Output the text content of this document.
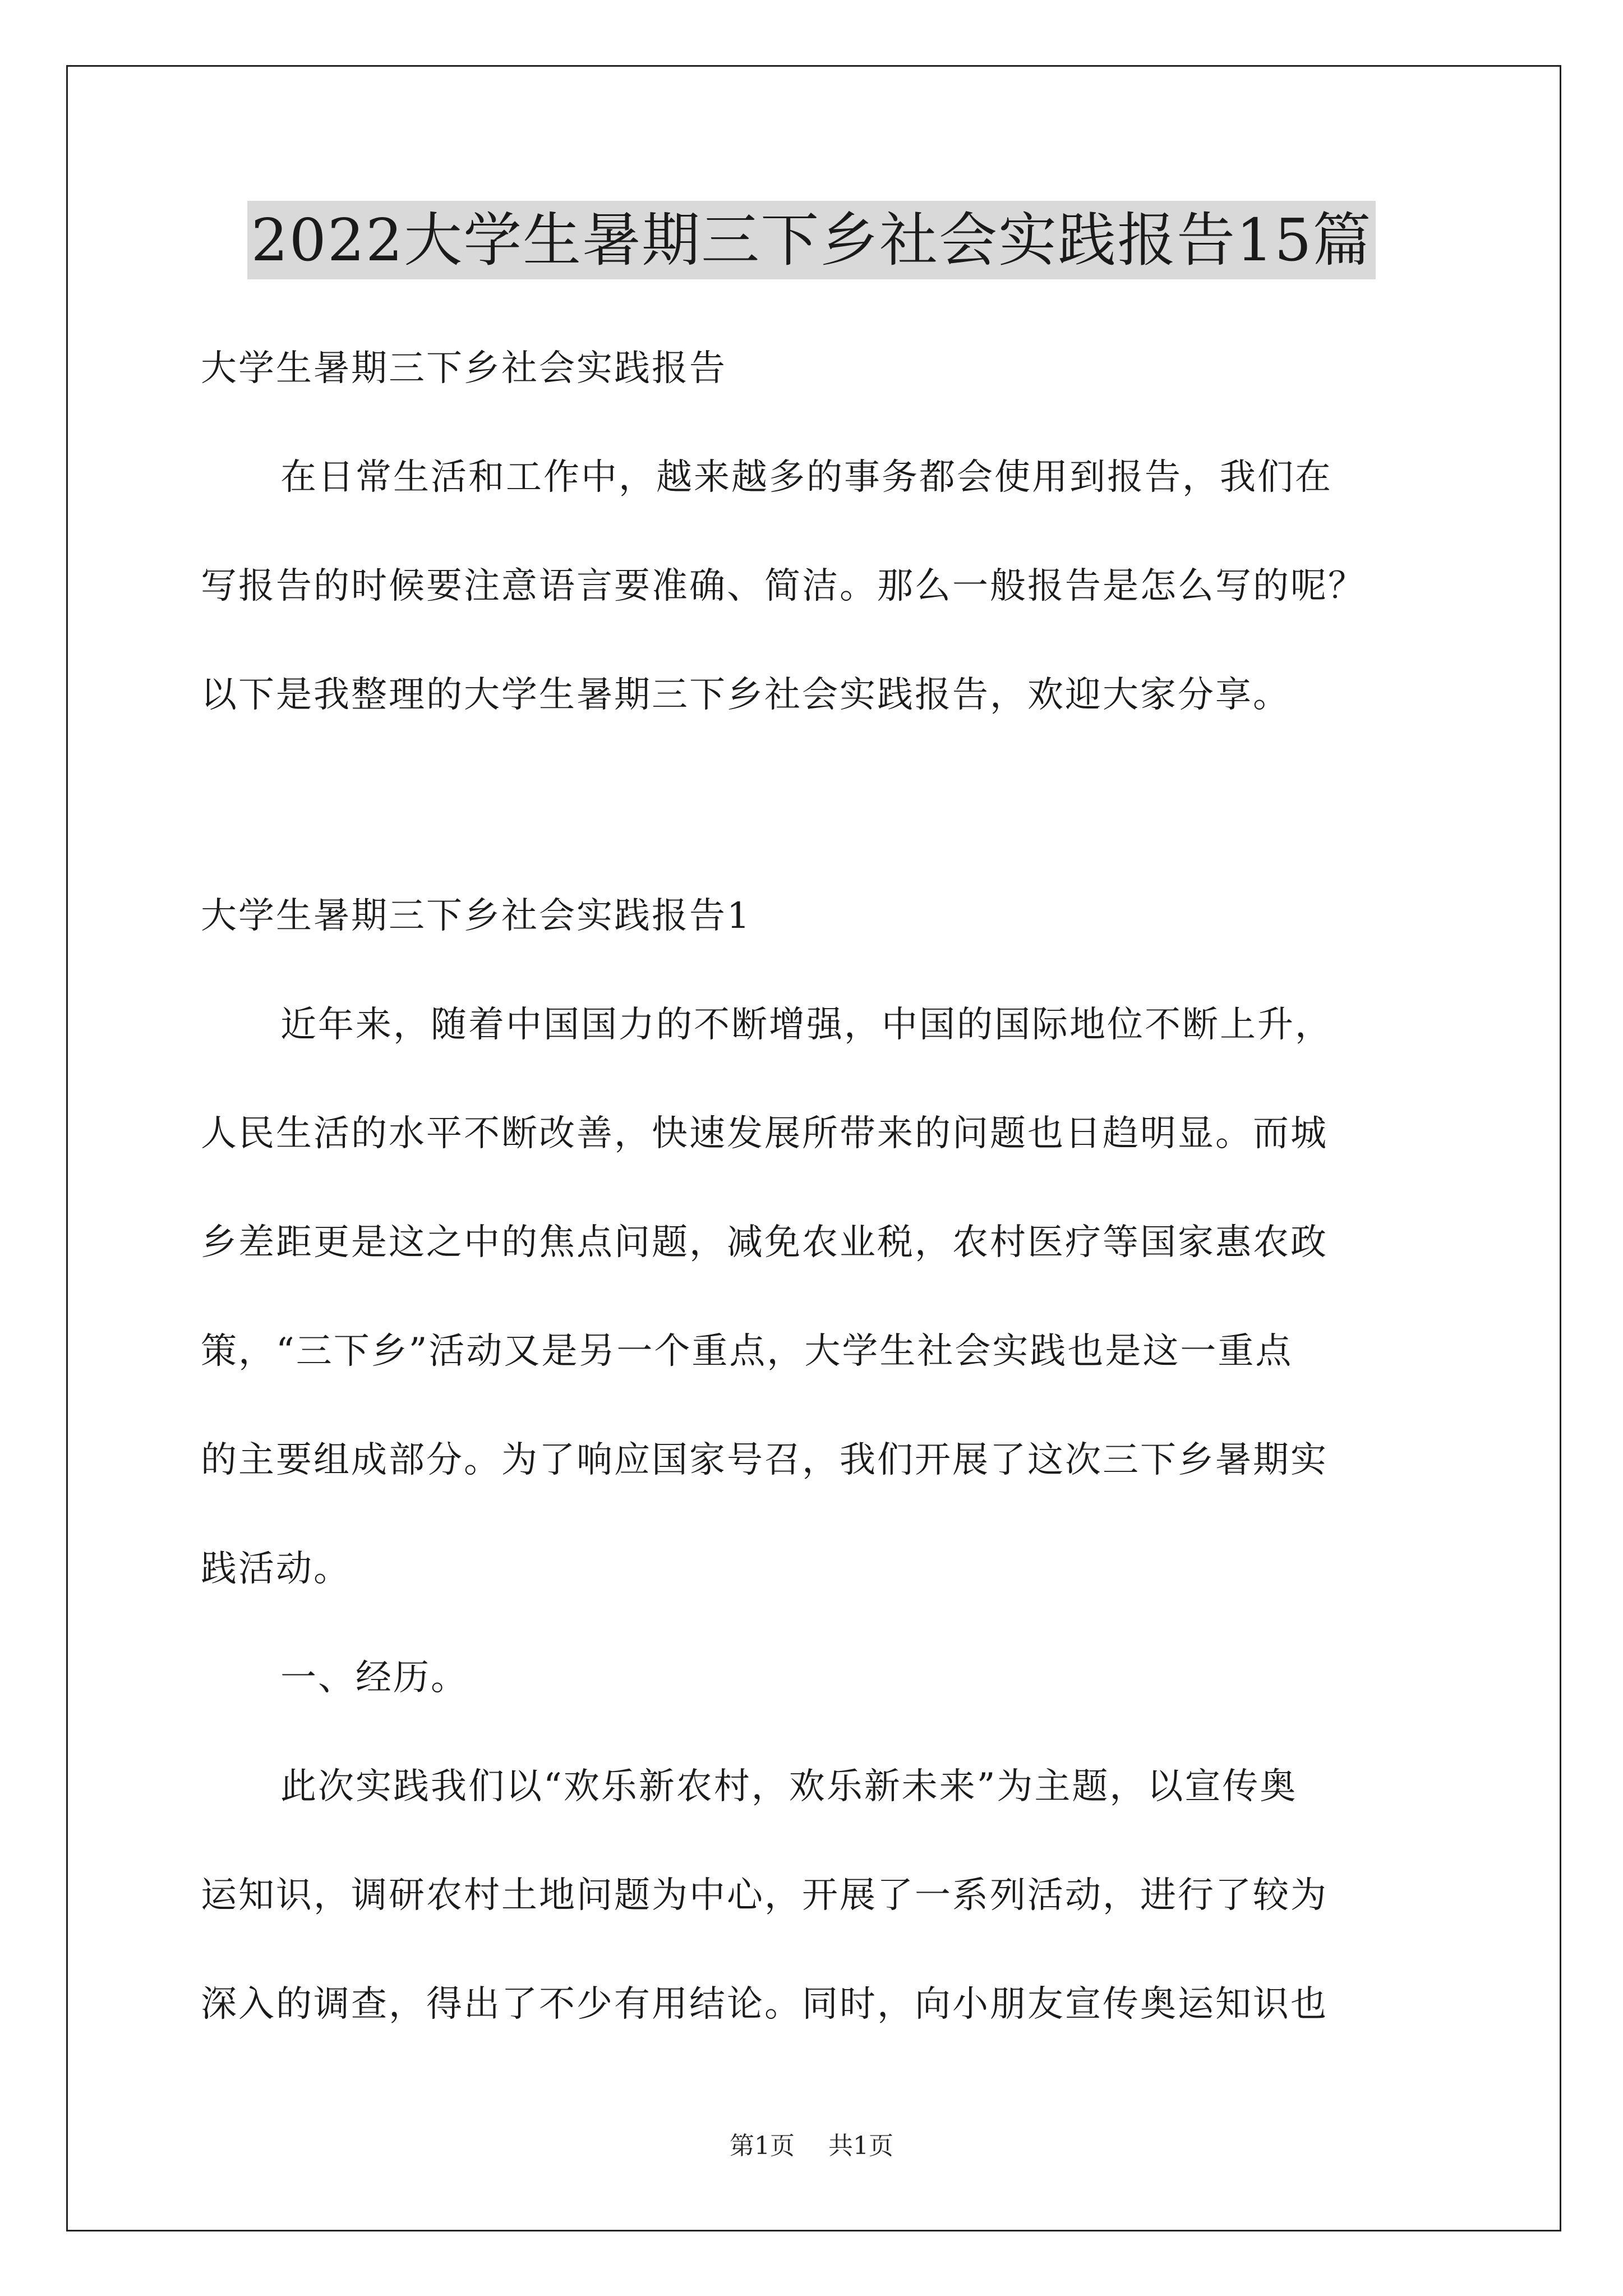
2022大学生暑期三下乡社会实践报告15篇
大学生暑期三下乡社会实践报告
在日常生活和工作中，越来越多的事务都会使用到报告，我们在
写报告的时候要注意语言要准确、简洁。那么一般报告是怎么写的呢？
以下是我整理的大学生暑期三下乡社会实践报告，欢迎大家分享。
大学生暑期三下乡社会实践报告1
近年来，随着中国国力的不断增强，中国的国际地位不断上升，
人民生活的水平不断改善，快速发展所带来的问题也日趋明显。而城
乡差距更是这之中的焦点问题，减免农业税，农村医疗等国家惠农政
策，“三下乡”活动又是另一个重点，大学生社会实践也是这一重点
的主要组成部分。为了响应国家号召，我们开展了这次三下乡暑期实
践活动。
一、经历。
此次实践我们以“欢乐新农村，欢乐新未来”为主题，以宣传奥
运知识，调研农村土地问题为中心，开展了一系列活动，进行了较为
深入的调查，得出了不少有用结论。同时，向小朋友宣传奥运知识也
第1页 共1页
